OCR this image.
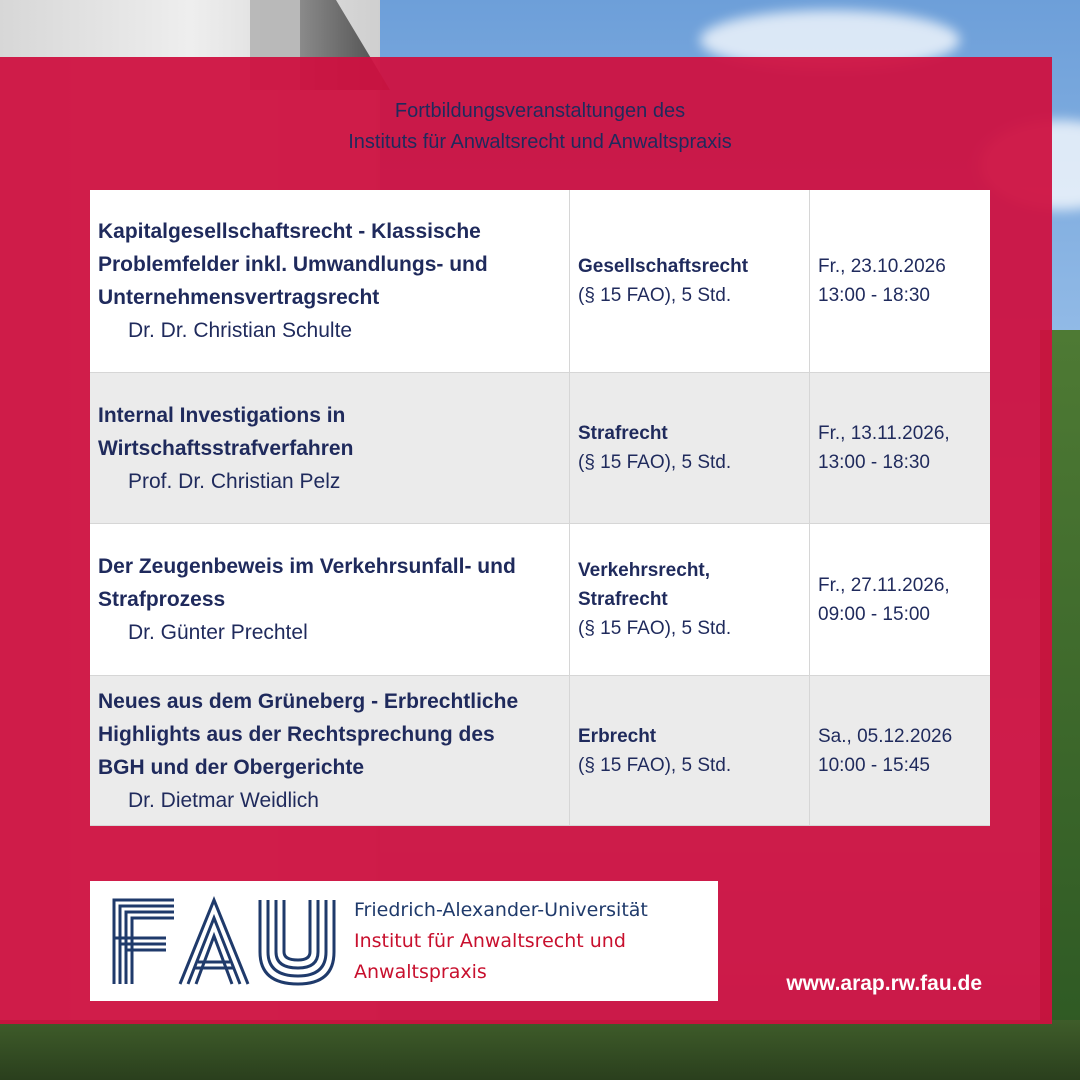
Fortbildungsveranstaltungen des
Instituts für Anwaltsrecht und Anwaltspraxis
Kapitalgesellschaftsrecht - Klassische
Problemfelder inkl. Umwandlungs- und
Unternehmensvertragsrecht
Dr. Dr. Christian Schulte
Gesellschaftsrecht
(§ 15 FAO), 5 Std.
Fr., 23.10.2026
13:00 - 18:30
Internal Investigations in
Wirtschaftsstrafverfahren
Prof. Dr. Christian Pelz
Strafrecht
(§ 15 FAO), 5 Std.
Fr., 13.11.2026,
13:00 - 18:30
Der Zeugenbeweis im Verkehrsunfall- und
Strafprozess
Dr. Günter Prechtel
Verkehrsrecht,
Strafrecht
(§ 15 FAO), 5 Std.
Fr., 27.11.2026,
09:00 - 15:00
Neues aus dem Grüneberg - Erbrechtliche
Highlights aus der Rechtsprechung des
BGH und der Obergerichte
Dr. Dietmar Weidlich
Erbrecht
(§ 15 FAO), 5 Std.
Sa., 05.12.2026
10:00 - 15:45
FAU
Friedrich-Alexander-Universität
Institut für Anwaltsrecht und
Anwaltspraxis
www.arap.rw.fau.de
